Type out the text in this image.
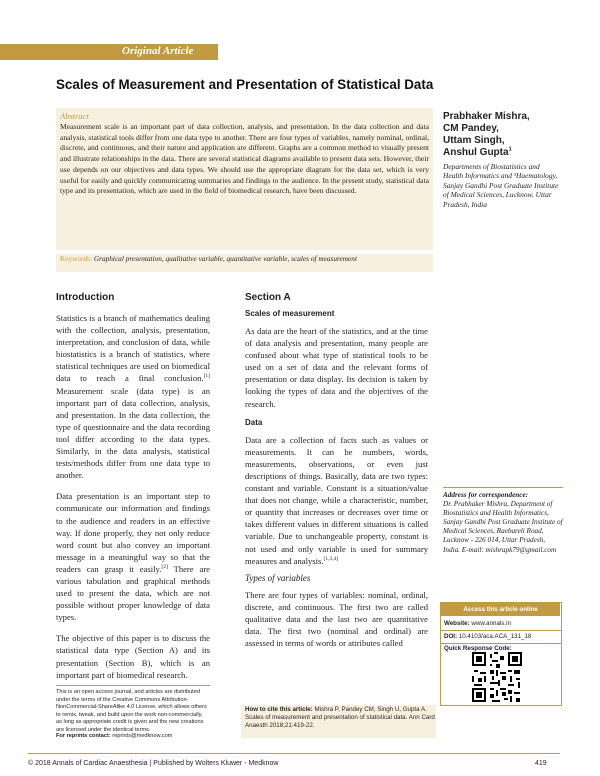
Original Article
Scales of Measurement and Presentation of Statistical Data
Abstract
Measurement scale is an important part of data collection, analysis, and presentation. In the data collection and data analysis, statistical tools differ from one data type to another. There are four types of variables, namely nominal, ordinal, discrete, and continuous, and their nature and application are different. Graphs are a common method to visually present and illustrate relationships in the data. There are several statistical diagrams available to present data sets. However, their use depends on our objectives and data types. We should use the appropriate diagram for the data set, which is very useful for easily and quickly communicating summaries and findings to the audience. In the present study, statistical data type and its presentation, which are used in the field of biomedical research, have been discussed.
Keywords: Graphical presentation, qualitative variable, quantitative variable, scales of measurement
Prabhaker Mishra,
CM Pandey,
Uttam Singh,
Anshul Gupta$^1$
Departments of Biostatistics and Health Informatics and ¹Haematology, Sanjay Gandhi Post Graduate Institute of Medical Sciences, Lucknow, Uttar Pradesh, India
Introduction
Statistics is a branch of mathematics dealing with the collection, analysis, presentation, interpretation, and conclusion of data, while biostatistics is a branch of statistics, where statistical techniques are used on biomedical data to reach a final conclusion.[1] Measurement scale (data type) is an important part of data collection, analysis, and presentation. In the data collection, the type of questionnaire and the data recording tool differ according to the data types. Similarly, in the data analysis, statistical tests/methods differ from one data type to another.
Data presentation is an important step to communicate our information and findings to the audience and readers in an effective way. If done properly, they not only reduce word count but also convey an important message in a meaningful way so that the readers can grasp it easily.[2] There are various tabulation and graphical methods used to present the data, which are not possible without proper knowledge of data types.
The objective of this paper is to discuss the statistical data type (Section A) and its presentation (Section B), which is an important part of biomedical research.
This is an open access journal, and articles are distributed under the terms of the Creative Commons Attribution-NonCommercial-ShareAlike 4.0 License, which allows others to remix, tweak, and build upon the work non-commercially, as long as appropriate credit is given and the new creations are licensed under the identical terms.
For reprints contact: reprints@medknow.com
Section A
Scales of measurement
As data are the heart of the statistics, and at the time of data analysis and presentation, many people are confused about what type of statistical tools to be used on a set of data and the relevant forms of presentation or data display. Its decision is taken by looking the types of data and the objectives of the research.
Data
Data are a collection of facts such as values or measurements. It can be numbers, words, measurements, observations, or even just descriptions of things. Basically, data are two types: constant and variable. Constant is a situation/value that does not change, while a characteristic, number, or quantity that increases or decreases over time or takes different values in different situations is called variable. Due to unchangeable property, constant is not used and only variable is used for summary measures and analysis.[1,3,4]
Types of variables
There are four types of variables: nominal, ordinal, discrete, and continuous. The first two are called qualitative data and the last two are quantitative data. The first two (nominal and ordinal) are assessed in terms of words or attributes called
Address for correspondence:
Dr. Prabhaker Mishra, Department of Biostatistics and Health Informatics, Sanjay Gandhi Post Graduate Institute of Medical Sciences, Raebareli Road, Lucknow - 226 014, Uttar Pradesh, India. E-mail: mishrapk79@gmail.com
Access this article online
Website: www.annals.in
DOI: 10.4103/aca.ACA_131_18
Quick Response Code:
How to cite this article: Mishra P, Pandey CM, Singh U, Gupta A. Scales of measurement and presentation of statistical data. Ann Card Anaesth 2018;21:419-22.
© 2018 Annals of Cardiac Anaesthesia | Published by Wolters Kluwer - Medknow	419
